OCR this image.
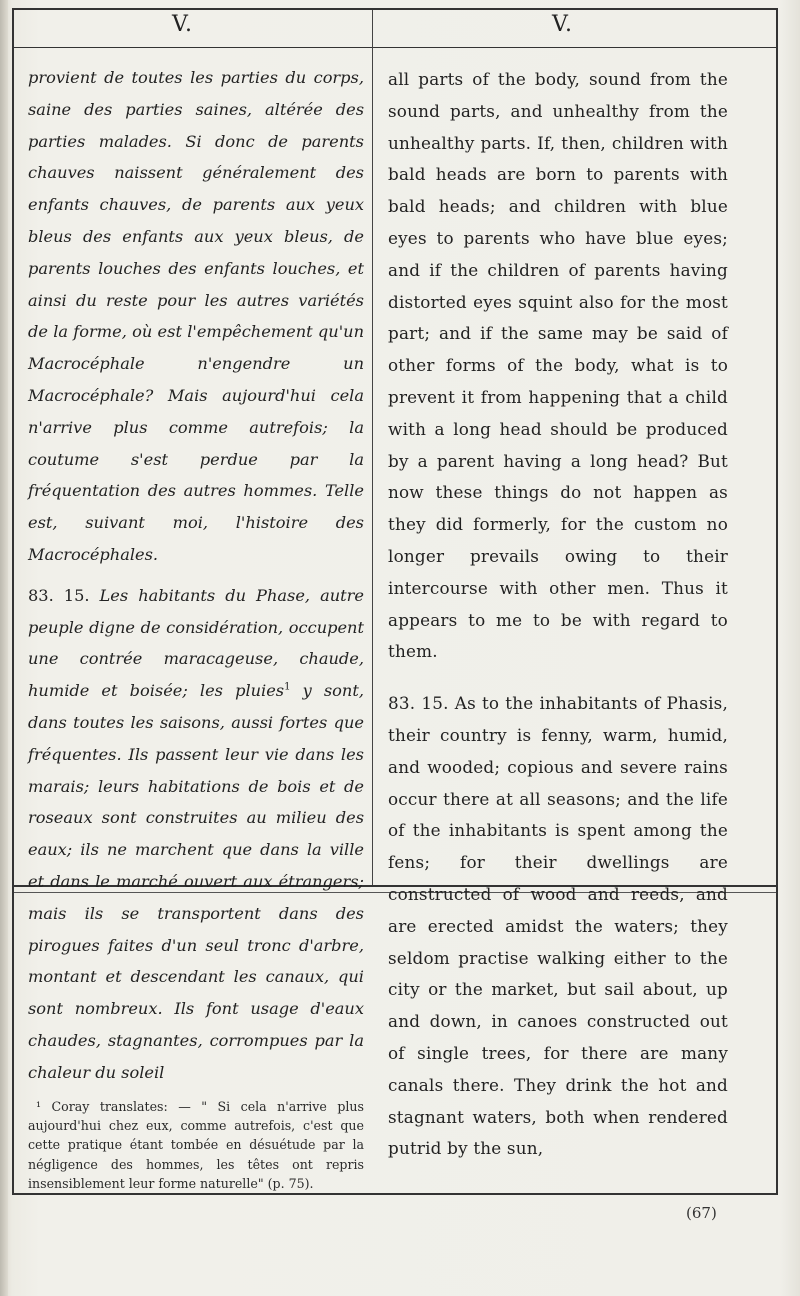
V.	V.

provient de toutes les parties du corps, saine des parties saines, altérée des parties malades. Si donc de parents chauves naissent généralement des enfants chauves, de parents aux yeux bleus des enfants aux yeux bleus, de parents louches des enfants louches, et ainsi du reste pour les autres variétés de la forme, où est l'empêchement qu'un Macrocéphale n'engendre un Macrocéphale? Mais aujourd'hui cela n'arrive plus comme autrefois; la coutume s'est perdue par la fréquentation des autres hommes. Telle est, suivant moi, l'histoire des Macrocéphales.

83. 15. Les habitants du Phase, autre peuple digne de considération, occupent une contrée maracageuse, chaude, humide et boisée; les pluies$^1$ y sont, dans toutes les saisons, aussi fortes que fréquentes. Ils passent leur vie dans les marais; leurs habitations de bois et de roseaux sont construites au milieu des eaux; ils ne marchent que dans la ville et dans le marché ouvert aux étrangers; mais ils se transportent dans des pirogues faites d'un seul tronc d'arbre, montant et descendant les canaux, qui sont nombreux. Ils font usage d'eaux chaudes, stagnantes, corrompues par la chaleur du soleil

¹ Coray translates: — " Si cela n'arrive plus aujourd'hui chez eux, comme autrefois, c'est que cette pratique étant tombée en désuétude par la négligence des hommes, les têtes ont repris insensiblement leur forme naturelle" (p. 75).

all parts of the body, sound from the sound parts, and unhealthy from the unhealthy parts. If, then, children with bald heads are born to parents with bald heads; and children with blue eyes to parents who have blue eyes; and if the children of parents having distorted eyes squint also for the most part; and if the same may be said of other forms of the body, what is to prevent it from happening that a child with a long head should be produced by a parent having a long head? But now these things do not happen as they did formerly, for the custom no longer prevails owing to their intercourse with other men. Thus it appears to me to be with regard to them.

83. 15. As to the inhabitants of Phasis, their country is fenny, warm, humid, and wooded; copious and severe rains occur there at all seasons; and the life of the inhabitants is spent among the fens; for their dwellings are constructed of wood and reeds, and are erected amidst the waters; they seldom practise walking either to the city or the market, but sail about, up and down, in canoes constructed out of single trees, for there are many canals there. They drink the hot and stagnant waters, both when rendered putrid by the sun,

(67)
